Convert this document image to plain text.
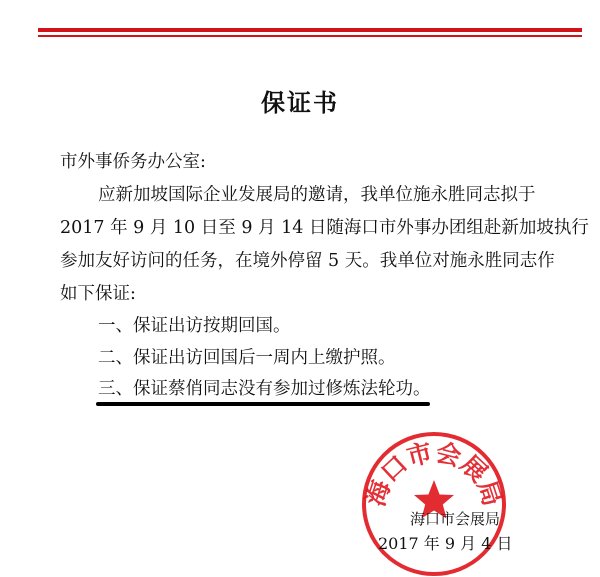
保证书
市外事侨务办公室:
应新加坡国际企业发展局的邀请，我单位施永胜同志拟于
2017 年 9 月 10 日至 9 月 14 日随海口市外事办团组赴新加坡执行
参加友好访问的任务，在境外停留 5 天。我单位对施永胜同志作
如下保证:
一、保证出访按期回国。
二、保证出访回国后一周内上缴护照。
三、保证蔡俏同志没有参加过修炼法轮功。
海口市会展局
海口市会展局
2017 年 9 月 4 日
